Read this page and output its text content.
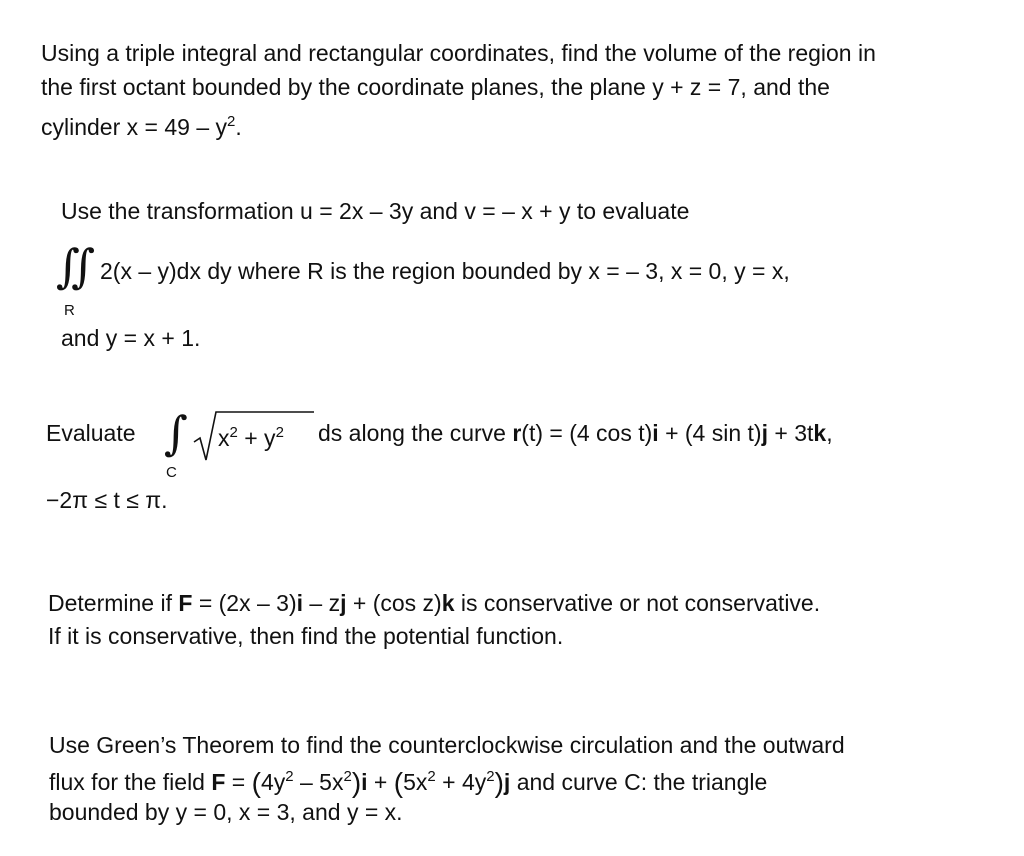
Using a triple integral and rectangular coordinates, find the volume of the region in
the first octant bounded by the coordinate planes, the plane y + z = 7, and the
cylinder $x = 49 - y^2$.
Use the transformation u = 2x – 3y and v = – x + y to evaluate
∬
R
2(x – y)dx dy where R is the region bounded by x = – 3, x = 0, y = x,
and y = x + 1.
Evaluate ∫
C
$x^2 + y^2$ ds along the curve r(t) = (4 cos t)i + (4 sin t)j + 3tk,
−2π ≤ t ≤ π.
Determine if F = (2x – 3)i – zj + (cos z)k is conservative or not conservative.
If it is conservative, then find the potential function.
Use Green’s Theorem to find the counterclockwise circulation and the outward
flux for the field $F = (4y^2 - 5x^2)i + (5x^2 + 4y^2)j$ and curve C: the triangle
bounded by y = 0, x = 3, and y = x.
